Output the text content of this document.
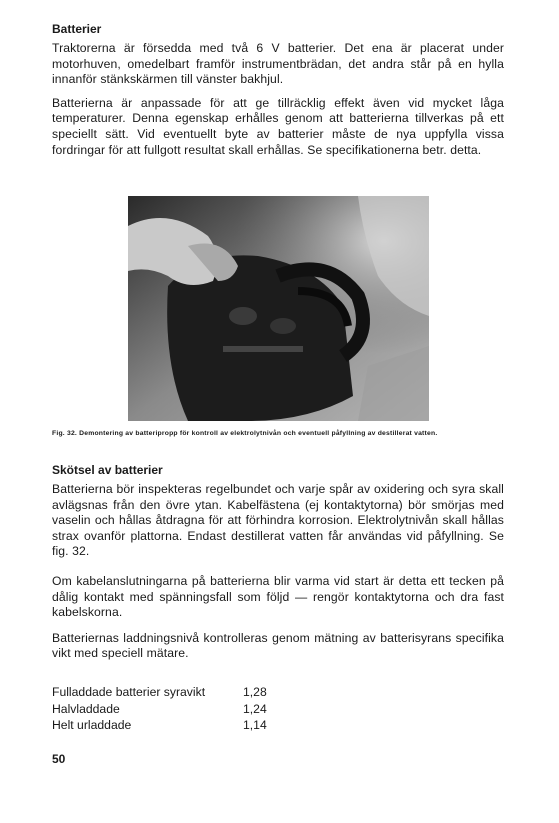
Batterier

Traktorerna är försedda med två 6 V batterier. Det ena är placerat under motorhuven, omedelbart framför instrumentbrädan, det andra står på en hylla innanför stänkskärmen till vänster bakhjul.

Batterierna är anpassade för att ge tillräcklig effekt även vid mycket låga temperaturer. Denna egenskap erhålles genom att batterierna tillverkas på ett speciellt sätt. Vid eventuellt byte av batterier måste de nya uppfylla vissa fordringar för att fullgott resultat skall erhållas. Se specifikationerna betr. detta.

Fig. 32. Demontering av batteripropp för kontroll av elektrolytnivån och eventuell påfyllning av destillerat vatten.
Skötsel av batterier

Batterierna bör inspekteras regelbundet och varje spår av oxidering och syra skall avlägsnas från den övre ytan. Kabelfästena (ej kontaktytorna) bör smörjas med vaselin och hållas åtdragna för att förhindra korrosion. Elektrolytnivån skall hållas strax ovanför plattorna. Endast destillerat vatten får användas vid påfyllning. Se fig. 32.

Om kabelanslutningarna på batterierna blir varma vid start är detta ett tecken på dålig kontakt med spänningsfall som följd — rengör kontaktytorna och dra fast kabelskorna.

Batteriernas laddningsnivå kontrolleras genom mätning av batterisyrans specifika vikt med speciell mätare.

Fulladdade batterier syravikt	1,28
Halvladdade	1,24
Helt urladdade	1,14
50
